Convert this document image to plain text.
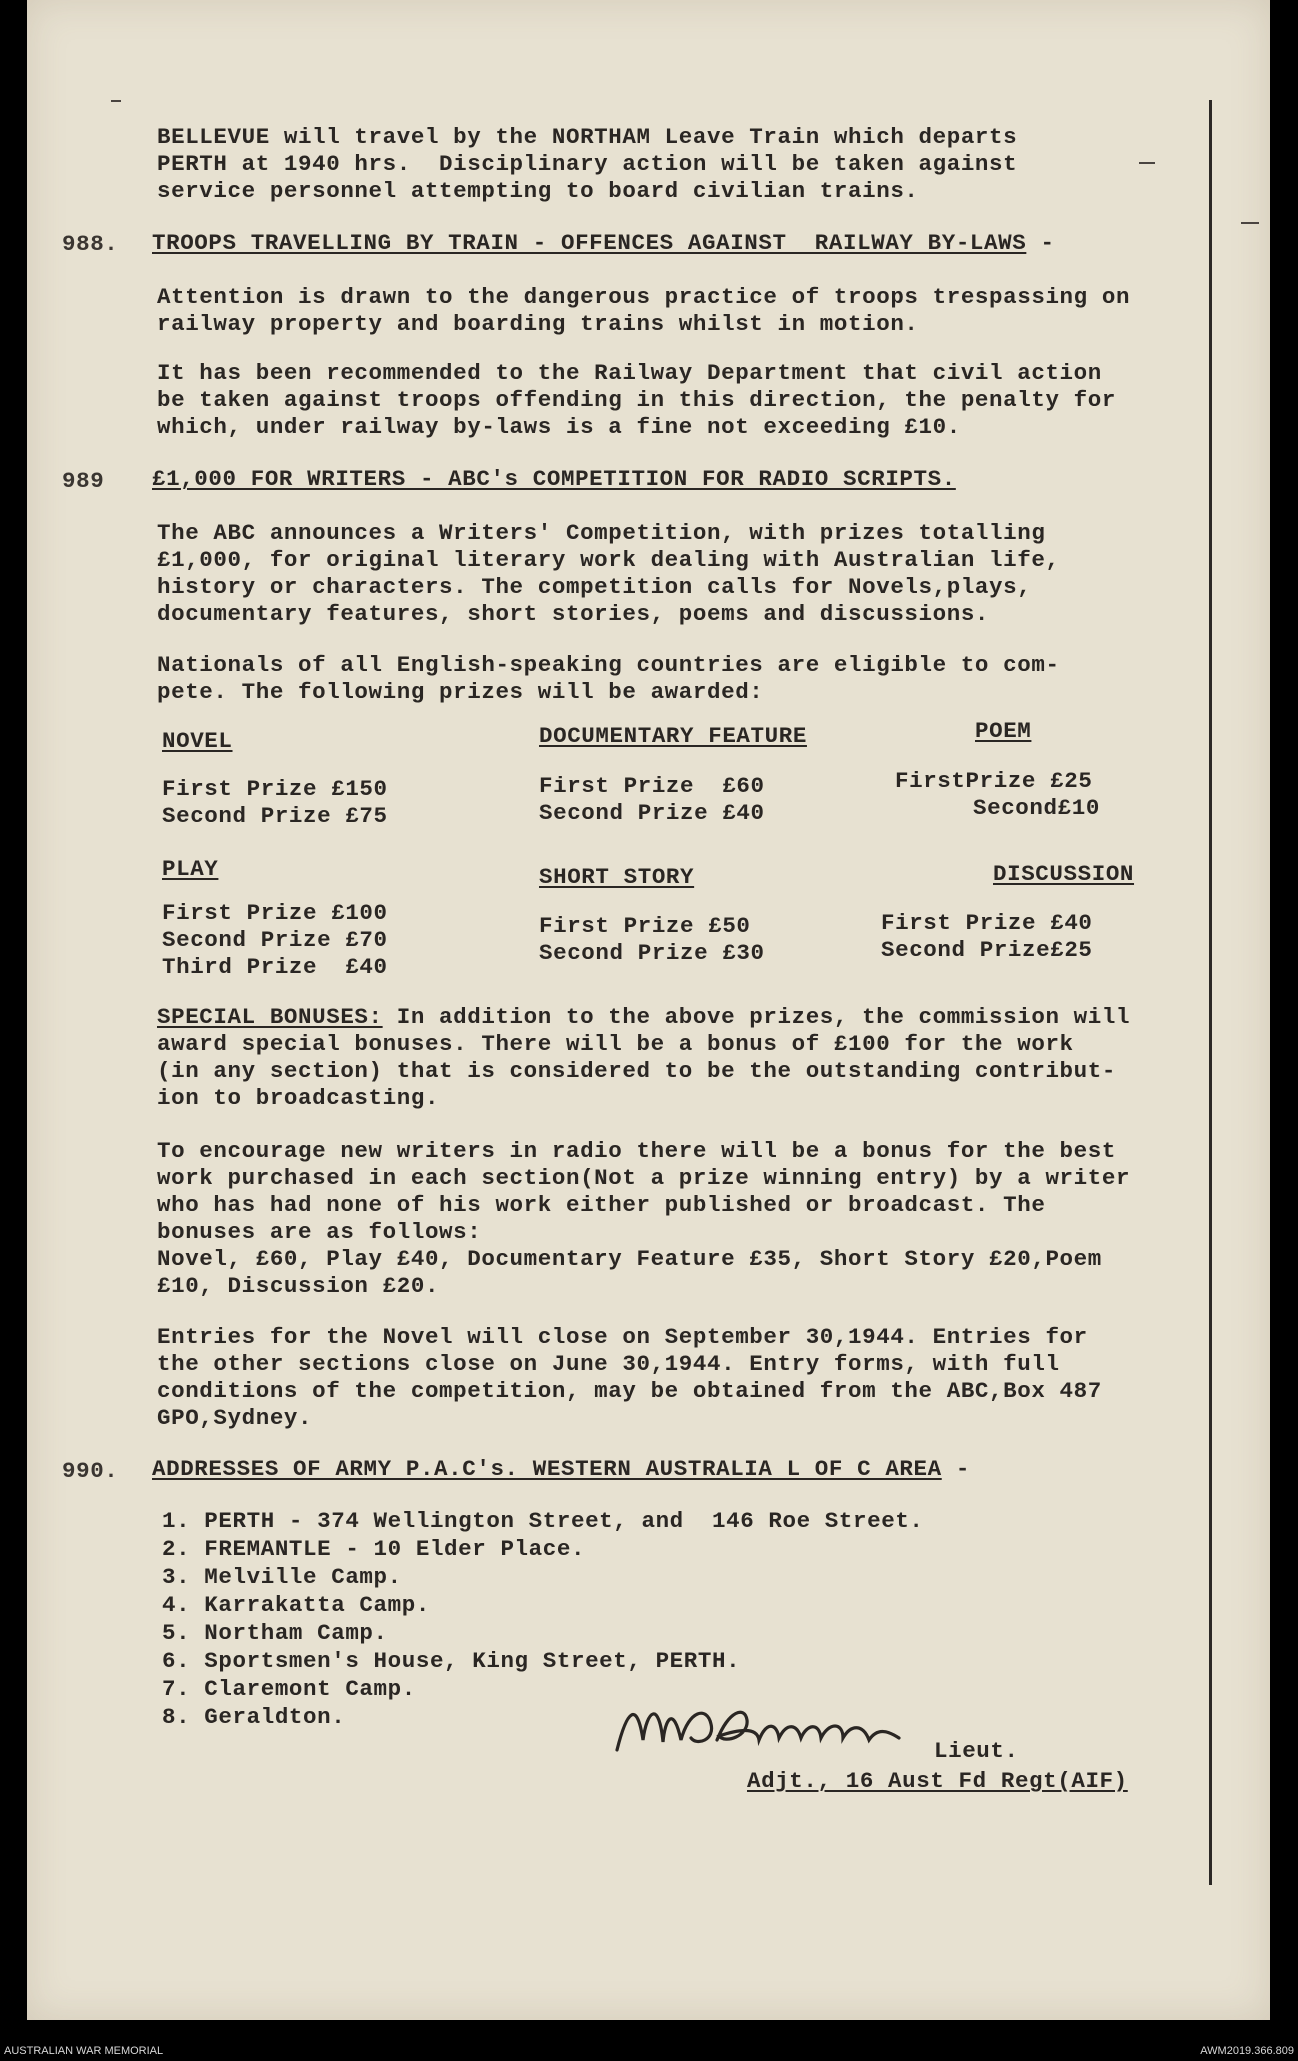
BELLEVUE will travel by the NORTHAM Leave Train which departs
PERTH at 1940 hrs.  Disciplinary action will be taken against
service personnel attempting to board civilian trains.
988. TROOPS TRAVELLING BY TRAIN - OFFENCES AGAINST  RAILWAY BY-LAWS -
Attention is drawn to the dangerous practice of troops trespassing on
railway property and boarding trains whilst in motion.
It has been recommended to the Railway Department that civil action
be taken against troops offending in this direction, the penalty for
which, under railway by-laws is a fine not exceeding £10.
989 £1,000 FOR WRITERS - ABC's COMPETITION FOR RADIO SCRIPTS.
The ABC announces a Writers' Competition, with prizes totalling
£1,000, for original literary work dealing with Australian life,
history or characters. The competition calls for Novels,plays,
documentary features, short stories, poems and discussions.
Nationals of all English-speaking countries are eligible to com-
pete. The following prizes will be awarded:
NOVEL
First Prize £150
Second Prize £75
DOCUMENTARY FEATURE
First Prize  £60
Second Prize £40
POEM
FirstPrize £25
Second£10
PLAY
First Prize £100
Second Prize £70
Third Prize  £40
SHORT STORY
First Prize £50
Second Prize £30
DISCUSSION
First Prize £40
Second Prize£25
SPECIAL BONUSES: In addition to the above prizes, the commission will
award special bonuses. There will be a bonus of £100 for the work
(in any section) that is considered to be the outstanding contribut-
ion to broadcasting.
To encourage new writers in radio there will be a bonus for the best
work purchased in each section(Not a prize winning entry) by a writer
who has had none of his work either published or broadcast. The
bonuses are as follows:
Novel, £60, Play £40, Documentary Feature £35, Short Story £20,Poem
£10, Discussion £20.
Entries for the Novel will close on September 30,1944. Entries for
the other sections close on June 30,1944. Entry forms, with full
conditions of the competition, may be obtained from the ABC,Box 487
GPO,Sydney.
990. ADDRESSES OF ARMY P.A.C's. WESTERN AUSTRALIA L OF C AREA -
1. PERTH - 374 Wellington Street, and  146 Roe Street.
2. FREMANTLE - 10 Elder Place.
3. Melville Camp.
4. Karrakatta Camp.
5. Northam Camp.
6. Sportsmen's House, King Street, PERTH.
7. Claremont Camp.
8. Geraldton.
Lieut.
Adjt., 16 Aust Fd Regt(AIF)
AUSTRALIAN WAR MEMORIAL	AWM2019.366.809
